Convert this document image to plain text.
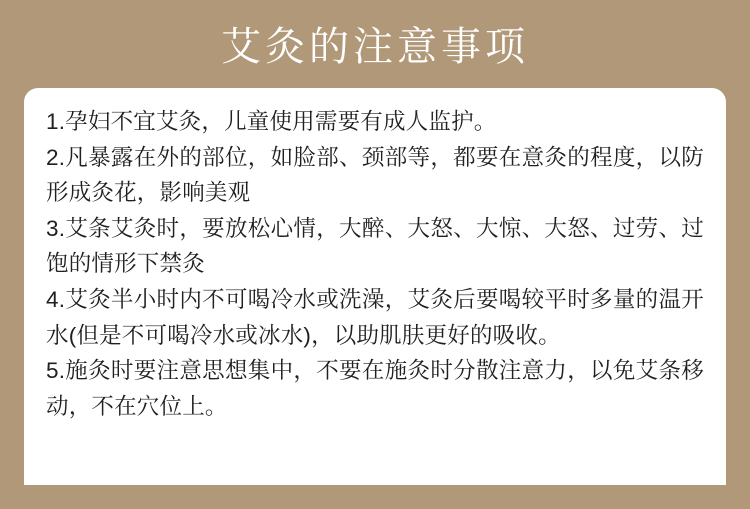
艾灸的注意事项
1.孕妇不宜艾灸，儿童使用需要有成人监护。
2.凡暴露在外的部位，如脸部、颈部等，都要在意灸的程度，以防形成灸花，影响美观
3.艾条艾灸时，要放松心情，大醉、大怒、大惊、大怒、过劳、过饱的情形下禁灸
4.艾灸半小时内不可喝冷水或洗澡，艾灸后要喝较平时多量的温开水(但是不可喝冷水或冰水)，以助肌肤更好的吸收。
5.施灸时要注意思想集中，不要在施灸时分散注意力，以免艾条移动，不在穴位上。
